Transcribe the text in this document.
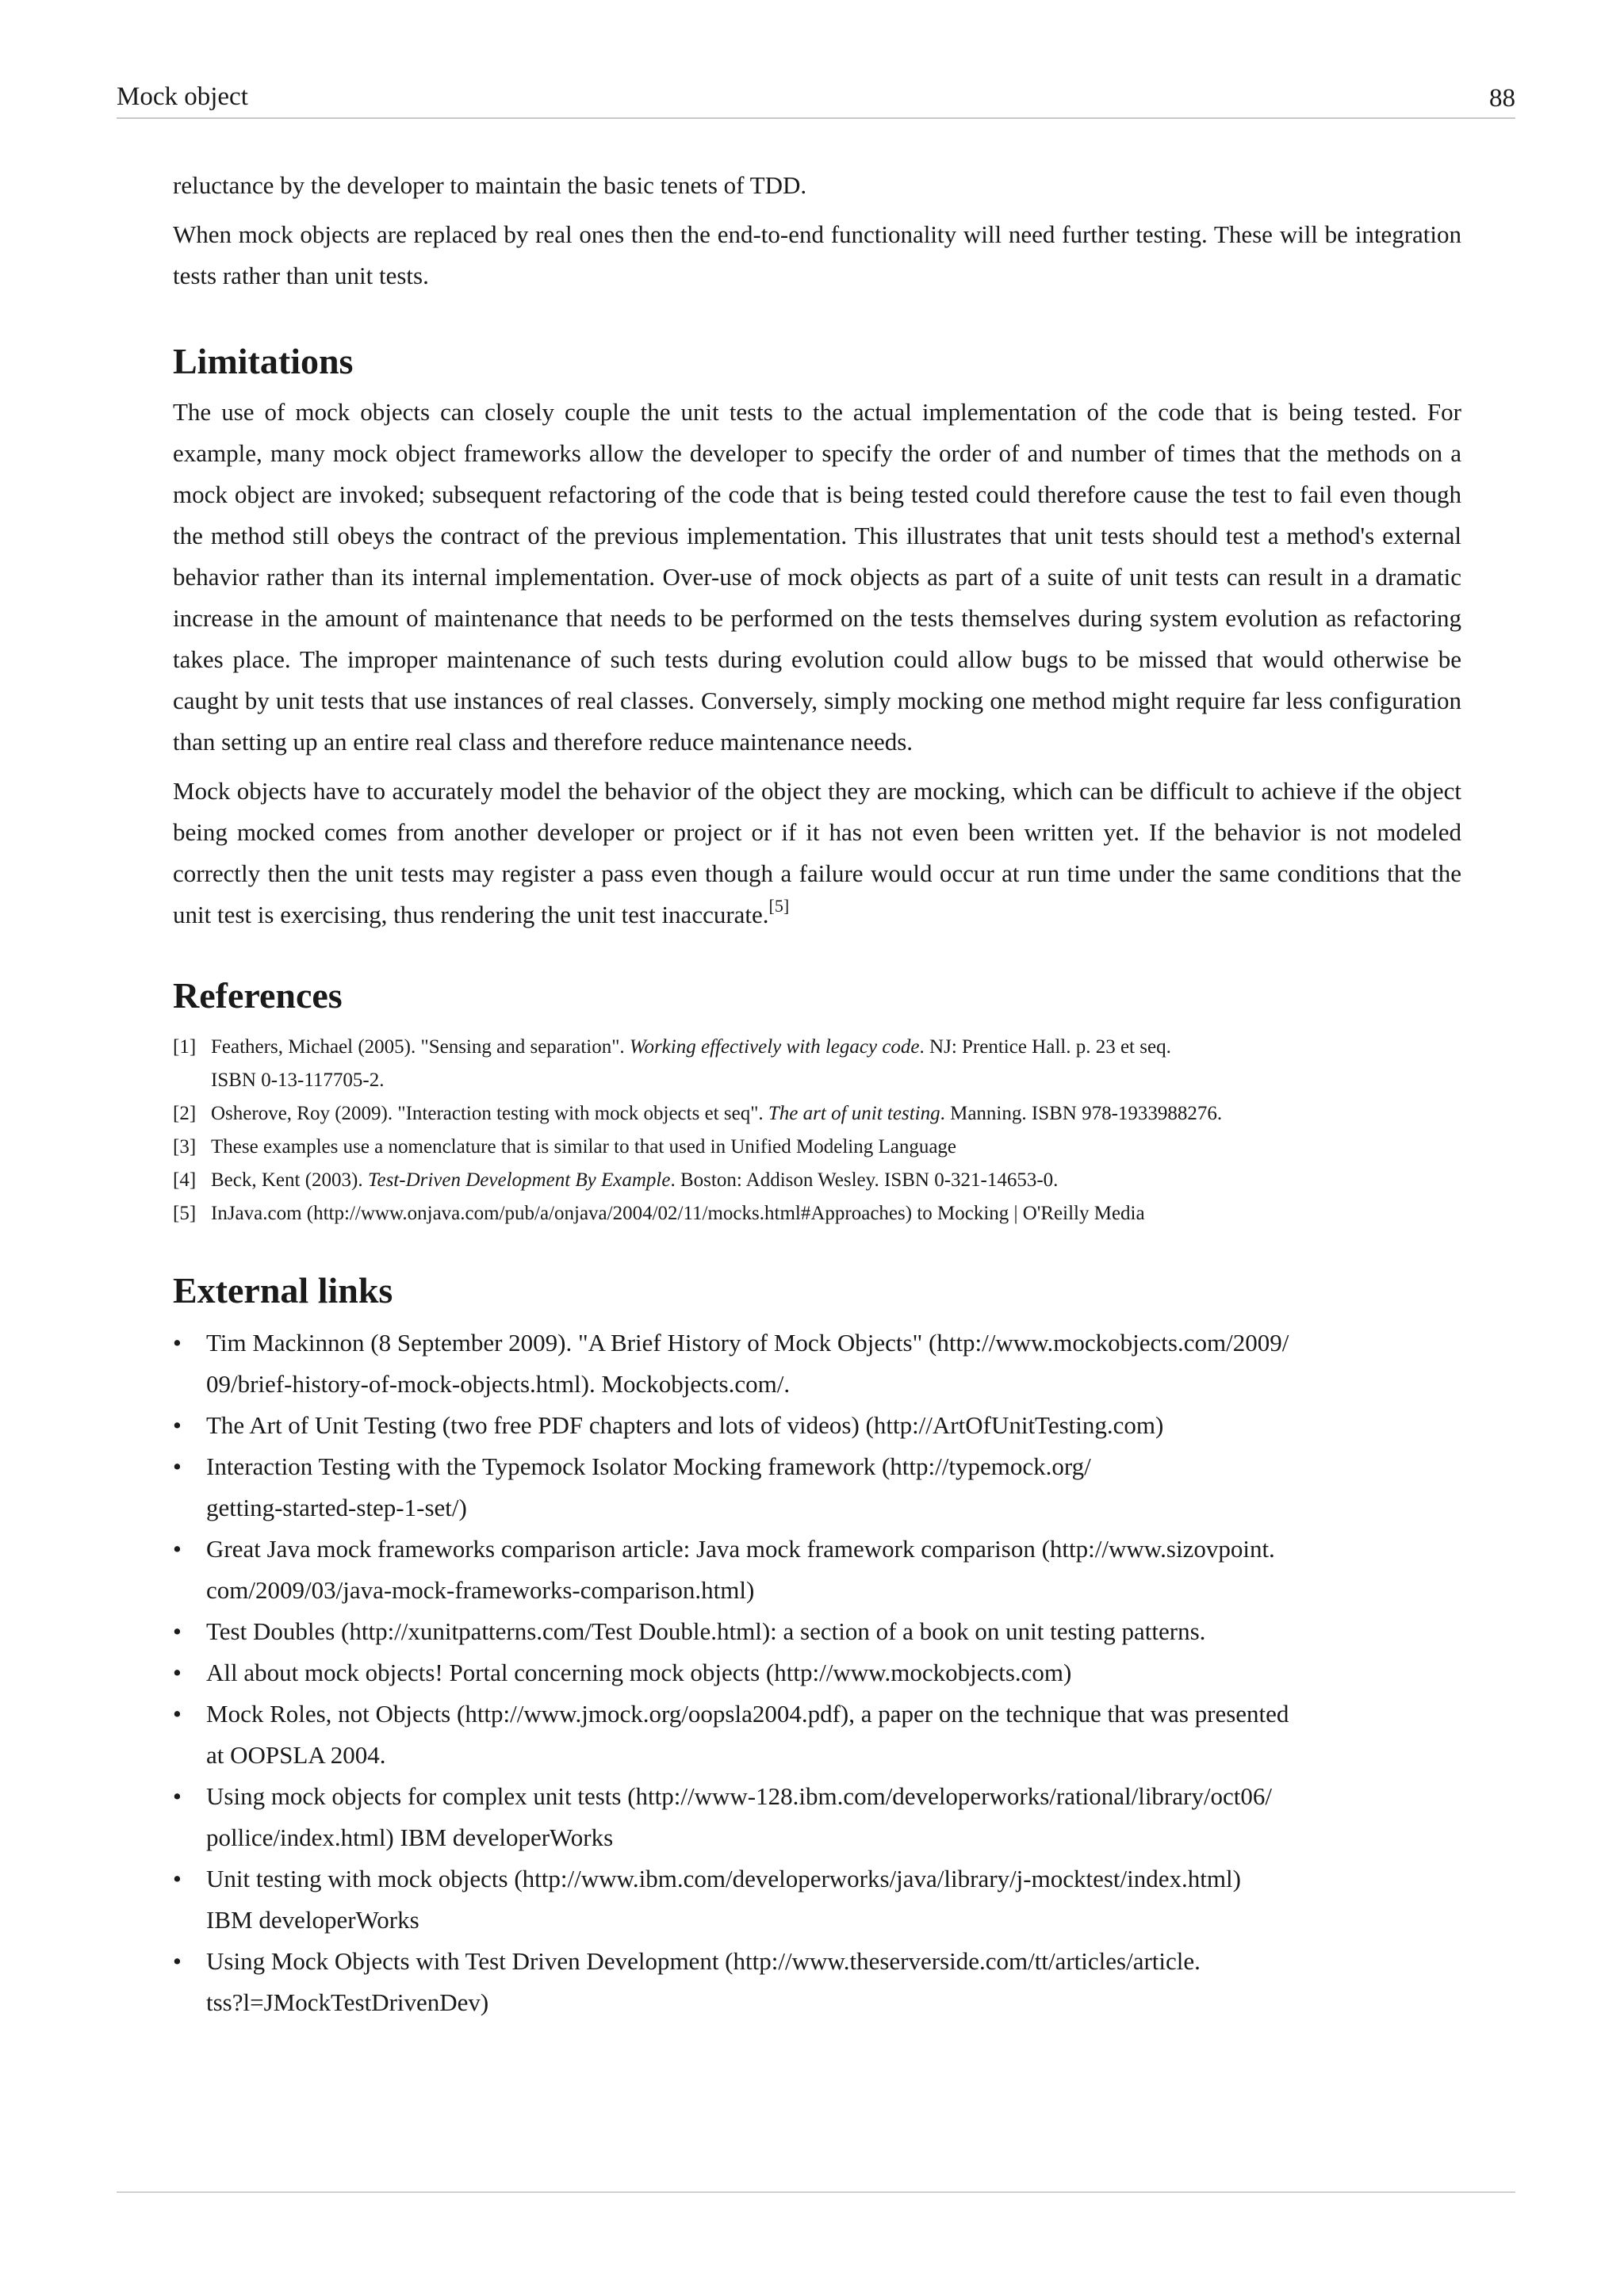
Mock object	88

reluctance by the developer to maintain the basic tenets of TDD.

When mock objects are replaced by real ones then the end-to-end functionality will need further testing. These will be integration tests rather than unit tests.

Limitations

The use of mock objects can closely couple the unit tests to the actual implementation of the code that is being tested. For example, many mock object frameworks allow the developer to specify the order of and number of times that the methods on a mock object are invoked; subsequent refactoring of the code that is being tested could therefore cause the test to fail even though the method still obeys the contract of the previous implementation. This illustrates that unit tests should test a method's external behavior rather than its internal implementation. Over-use of mock objects as part of a suite of unit tests can result in a dramatic increase in the amount of maintenance that needs to be performed on the tests themselves during system evolution as refactoring takes place. The improper maintenance of such tests during evolution could allow bugs to be missed that would otherwise be caught by unit tests that use instances of real classes. Conversely, simply mocking one method might require far less configuration than setting up an entire real class and therefore reduce maintenance needs.

Mock objects have to accurately model the behavior of the object they are mocking, which can be difficult to achieve if the object being mocked comes from another developer or project or if it has not even been written yet. If the behavior is not modeled correctly then the unit tests may register a pass even though a failure would occur at run time under the same conditions that the unit test is exercising, thus rendering the unit test inaccurate.[5]

References
[1] Feathers, Michael (2005). "Sensing and separation". Working effectively with legacy code. NJ: Prentice Hall. p. 23 et seq.
ISBN 0-13-117705-2.
[2] Osherove, Roy (2009). "Interaction testing with mock objects et seq". The art of unit testing. Manning. ISBN 978-1933988276.
[3] These examples use a nomenclature that is similar to that used in Unified Modeling Language
[4] Beck, Kent (2003). Test-Driven Development By Example. Boston: Addison Wesley. ISBN 0-321-14653-0.
[5] InJava.com (http://www.onjava.com/pub/a/onjava/2004/02/11/mocks.html#Approaches) to Mocking | O'Reilly Media
External links
• Tim Mackinnon (8 September 2009). "A Brief History of Mock Objects" (http://www.mockobjects.com/2009/
09/brief-history-of-mock-objects.html). Mockobjects.com/.
• The Art of Unit Testing (two free PDF chapters and lots of videos) (http://ArtOfUnitTesting.com)
• Interaction Testing with the Typemock Isolator Mocking framework (http://typemock.org/
getting-started-step-1-set/)
• Great Java mock frameworks comparison article: Java mock framework comparison (http://www.sizovpoint.
com/2009/03/java-mock-frameworks-comparison.html)
• Test Doubles (http://xunitpatterns.com/Test Double.html): a section of a book on unit testing patterns.
• All about mock objects! Portal concerning mock objects (http://www.mockobjects.com)
• Mock Roles, not Objects (http://www.jmock.org/oopsla2004.pdf), a paper on the technique that was presented
at OOPSLA 2004.
• Using mock objects for complex unit tests (http://www-128.ibm.com/developerworks/rational/library/oct06/
pollice/index.html) IBM developerWorks
• Unit testing with mock objects (http://www.ibm.com/developerworks/java/library/j-mocktest/index.html)
IBM developerWorks
• Using Mock Objects with Test Driven Development (http://www.theserverside.com/tt/articles/article.
tss?l=JMockTestDrivenDev)
